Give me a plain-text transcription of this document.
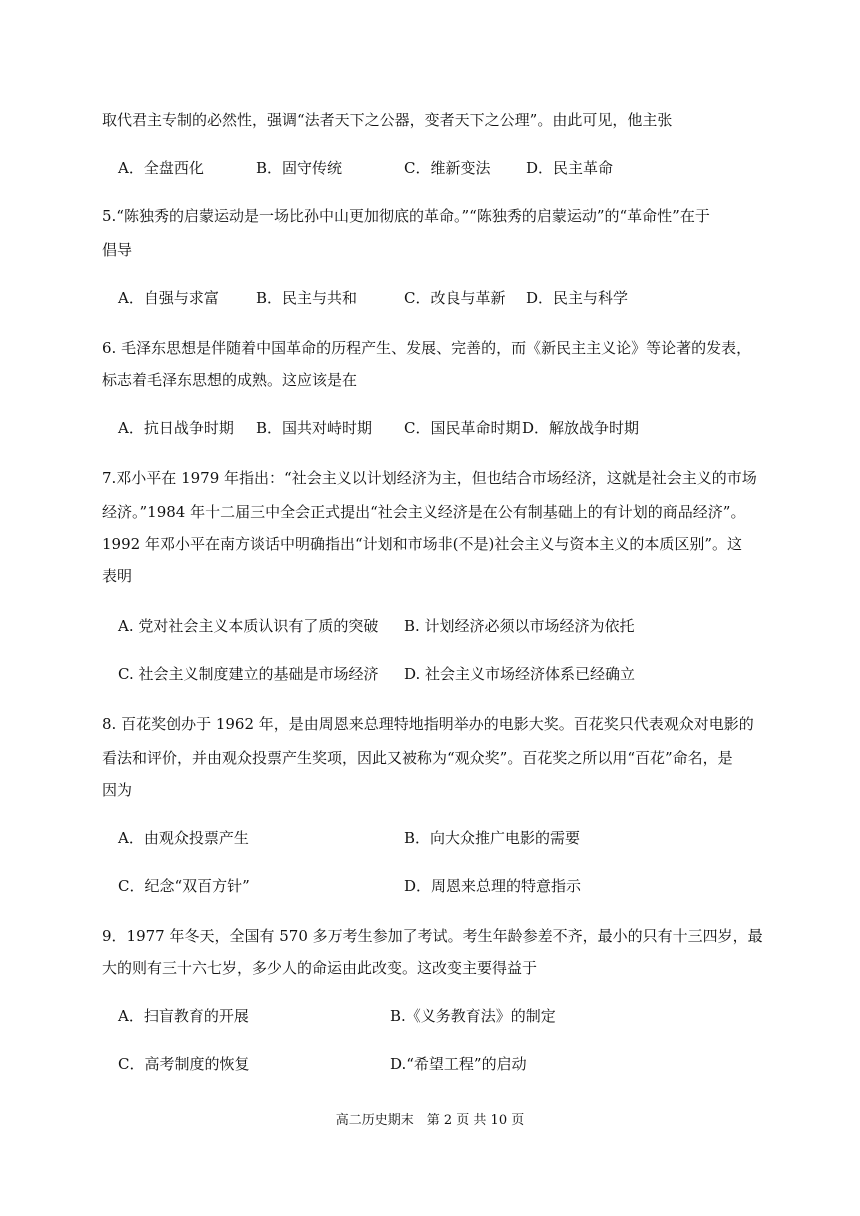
取代君主专制的必然性，强调“法者天下之公器，变者天下之公理”。由此可见，他主张
A．全盘西化	B．固守传统	C．维新变法 D．民主革命
5.“陈独秀的启蒙运动是一场比孙中山更加彻底的革命。”“陈独秀的启蒙运动”的“革命性”在于
倡导
A．自强与求富 B．民主与共和	C．改良与革新 D．民主与科学
6. 毛泽东思想是伴随着中国革命的历程产生、发展、完善的，而《新民主主义论》等论著的发表，
标志着毛泽东思想的成熟。这应该是在
A．抗日战争时期 B．国共对峙时期 C．国民革命时期 D．解放战争时期
7.邓小平在 1979 年指出：“社会主义以计划经济为主，但也结合市场经济，这就是社会主义的市场
经济。”1984 年十二届三中全会正式提出“社会主义经济是在公有制基础上的有计划的商品经济”。
1992 年邓小平在南方谈话中明确指出“计划和市场非(不是)社会主义与资本主义的本质区别”。这
表明
A. 党对社会主义本质认识有了质的突破 B. 计划经济必须以市场经济为依托
C. 社会主义制度建立的基础是市场经济 D. 社会主义市场经济体系已经确立
8. 百花奖创办于 1962 年，是由周恩来总理特地指明举办的电影大奖。百花奖只代表观众对电影的
看法和评价，并由观众投票产生奖项，因此又被称为“观众奖”。百花奖之所以用“百花”命名，是
因为
A．由观众投票产生	B．向大众推广电影的需要
C．纪念“双百方针”	D．周恩来总理的特意指示
9．1977 年冬天，全国有 570 多万考生参加了考试。考生年龄参差不齐，最小的只有十三四岁，最
大的则有三十六七岁，多少人的命运由此改变。这改变主要得益于
A．扫盲教育的开展	B.《义务教育法》的制定
C．高考制度的恢复	D.“希望工程”的启动
高二历史期末　第 2 页 共 10 页
